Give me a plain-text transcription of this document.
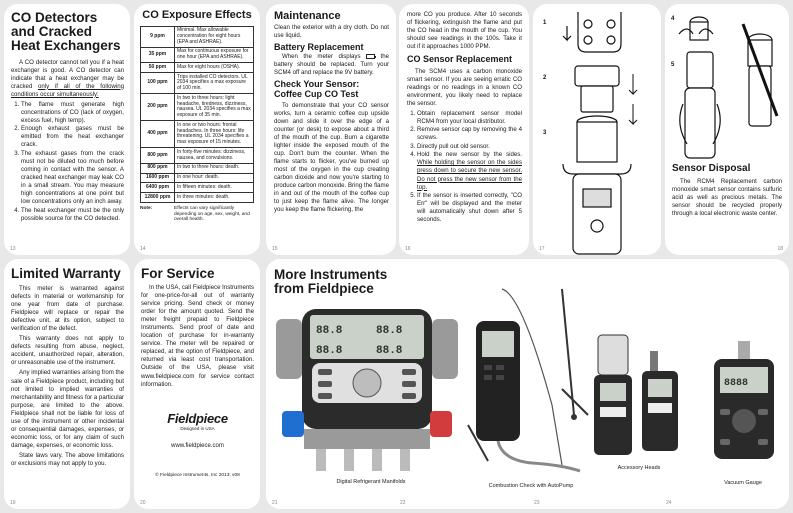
CO Detectors and Cracked Heat Exchangers

A CO detector cannot tell you if a heat exchanger is good. A CO detector can indicate that a heat exchanger may be cracked only if all of the following conditions occur simultaneously:

1. The flame must generate high concentrations of CO (lack of oxygen, excess fuel, high temp).
2. Enough exhaust gases must be emitted from the heat exchanger crack.
3. The exhaust gases from the crack must not be diluted too much before coming in contact with the sensor. A cracked heat exchanger may leak CO in a small stream. You may measure high concentrations at one point but low concentrations only an inch away.
4. The heat exchanger must be the only possible source for the CO detected.
13
CO Exposure Effects
9 ppm	Minimal. Max allowable concentration for eight hours (EPA and ASHRAE).
35 ppm	Max for continuous exposure for one hour (EPA and ASHRAE).
50 ppm	Max for eight hours (OSHA).
100 ppm	Trips installed CO detectors. UL 2034 specifies a max exposure of 100 min.
200 ppm	In two to three hours: light headache, tiredness, dizziness, nausea. UL 2034 specifies a max exposure of 35 min.
400 ppm	In one or two hours: frontal headaches. In three hours: life threatening. UL 2034 specifies a max exposure of 15 minutes.
800 ppm	In forty-five minutes: dizziness, nausea, and convulsions.
800 ppm	In two to three hours: death.
1600 ppm	In one hour: death.
6400 ppm	In fifteen minutes: death.
12800 ppm	In three minutes: death.
Note:	Effects can vary significantly depending on age, sex, weight, and overall health.
14
Maintenance

Clean the exterior with a dry cloth. Do not use liquid.

Battery Replacement

When the meter displays	the battery should be replaced. Turn your SCM4 off and replace the 9V battery.

Check Your Sensor: Coffee Cup CO Test

To demonstrate that your CO sensor works, turn a ceramic coffee cup upside down and slide it over the edge of a counter (or desk) to expose about a third of the mouth of the cup. Burn a cigarette lighter inside the exposed mouth of the cup. Don't burn the counter. When the flame starts to flicker, you've burned up most of the oxygen in the cup creating carbon dioxide and now you're starting to produce carbon monoxide. Bring the flame in and out of the mouth of the coffee cup to just keep the flame alive. The longer you keep the flame flickering, the

15

more CO you produce. After 10 seconds of flickering, extinguish the flame and put the CO head in the mouth of the cup. You should see readings in the 100s. Take it out if it approaches 1000 PPM.

CO Sensor Replacement

The SCM4 uses a carbon monoxide smart sensor. If you are seeing erratic CO readings or no readings in a known CO environment, you likely need to replace the sensor.

1. Obtain replacement sensor model RCM4 from your local distributor.
2. Remove sensor cap by removing the 4 screws.
3. Directly pull out old sensor.
4. Hold the new sensor by the sides. While holding the sensor on the sides press down to secure the new sensor. Do not press the new sensor from the top.
5. If the sensor is inserted correctly, "CO Err" will be displayed and the meter will automatically shut down after 5 seconds.
16
1
2
3
17
4
5
Sensor Disposal

The RCM4 Replacement carbon monoxide smart sensor contains sulfuric acid as well as precious metals. The sensor should be recycled properly through a local electronic waste center.

18
Limited Warranty

This meter is warranted against defects in material or workmanship for one year from date of purchase. Fieldpiece will replace or repair the defective unit, at its option, subject to verification of the defect.

This warranty does not apply to defects resulting from abuse, neglect, accident, unauthorized repair, alteration, or unreasonable use of the instrument.

Any implied warranties arising from the sale of a Fieldpiece product, including but not limited to implied warranties of merchantability and fitness for a particular purpose, are limited to the above. Fieldpiece shall not be liable for loss of use of the instrument or other incidental or consequential damages, expenses, or economic loss, or for any claim of such damage, expenses, or economic loss.

State laws vary. The above limitations or exclusions may not apply to you.

19
For Service

In the USA, call Fieldpiece Instruments for one-price-for-all out of warranty service pricing. Send check or money order for the amount quoted. Send the meter freight prepaid to Fieldpiece Instruments. Send proof of date and location of purchase for in-warranty service. The meter will be repaired or replaced, at the option of Fieldpiece, and returned via least cost transportation. Outside of the USA, please visit www.fieldpiece.com for service contact information.

Fieldpiece
Designed in USA
www.fieldpiece.com
© Fieldpiece Instruments, Inc 2013; v08
20
More Instruments from Fieldpiece
88.8	88.8
88.8	88.8
Digital Refrigerant Manifolds
Combustion Check with AutoPump
Accessory Heads
8888
Vacuum Gauge
21	22	23	24
